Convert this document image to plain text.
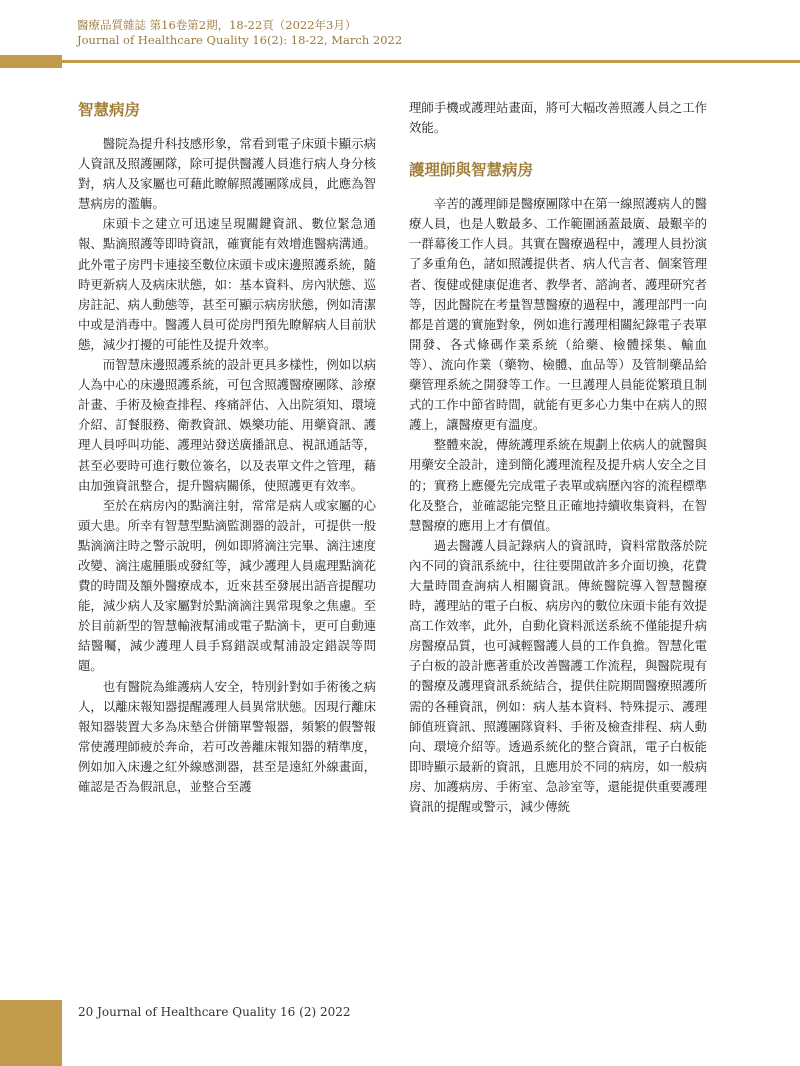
醫療品質雜誌 第16卷第2期，18-22頁（2022年3月）
Journal of Healthcare Quality 16(2): 18-22, March 2022
智慧病房

醫院為提升科技感形象，常看到電子床頭卡顯示病人資訊及照護團隊，除可提供醫護人員進行病人身分核對，病人及家屬也可藉此瞭解照護團隊成員，此應為智慧病房的濫觴。

床頭卡之建立可迅速呈現關鍵資訊、數位緊急通報、點滴照護等即時資訊，確實能有效增進醫病溝通。此外電子房門卡連接至數位床頭卡或床邊照護系統，隨時更新病人及病床狀態，如：基本資料、房內狀態、巡房註記、病人動態等，甚至可顯示病房狀態，例如清潔中或是消毒中。醫護人員可從房門預先瞭解病人目前狀態，減少打擾的可能性及提升效率。

而智慧床邊照護系統的設計更具多樣性，例如以病人為中心的床邊照護系統，可包含照護醫療團隊、診療計畫、手術及檢查排程、疼痛評估、入出院須知、環境介紹、訂餐服務、衛教資訊、娛樂功能、用藥資訊、護理人員呼叫功能、護理站發送廣播訊息、視訊通話等，甚至必要時可進行數位簽名，以及表單文件之管理，藉由加強資訊整合，提升醫病關係，使照護更有效率。

至於在病房內的點滴注射，常常是病人或家屬的心頭大患。所幸有智慧型點滴監測器的設計，可提供一般點滴滴注時之警示說明，例如即將滴注完畢、滴注速度改變、滴注處腫脹或發紅等，減少護理人員處理點滴花費的時間及額外醫療成本，近來甚至發展出語音提醒功能，減少病人及家屬對於點滴滴注異常現象之焦慮。至於目前新型的智慧輸液幫浦或電子點滴卡，更可自動連結醫囑，減少護理人員手寫錯誤或幫浦設定錯誤等問題。

也有醫院為維護病人安全，特別針對如手術後之病人，以離床報知器提醒護理人員異常狀態。因現行離床報知器裝置大多為床墊合併簡單警報器，頻繁的假警報常使護理師疲於奔命，若可改善離床報知器的精準度，例如加入床邊之紅外線感測器，甚至是遠紅外線畫面，確認是否為假訊息，並整合至護

理師手機或護理站畫面，將可大幅改善照護人員之工作效能。

護理師與智慧病房

辛苦的護理師是醫療團隊中在第一線照護病人的醫療人員，也是人數最多、工作範圍涵蓋最廣、最艱辛的一群幕後工作人員。其實在醫療過程中，護理人員扮演了多重角色，諸如照護提供者、病人代言者、個案管理者、復健或健康促進者、教學者、諮詢者、護理研究者等，因此醫院在考量智慧醫療的過程中，護理部門一向都是首選的實施對象，例如進行護理相關紀錄電子表單開發、各式條碼作業系統（給藥、檢體採集、輸血等）、流向作業（藥物、檢體、血品等）及管制藥品給藥管理系統之開發等工作。一旦護理人員能從繁瑣且制式的工作中節省時間，就能有更多心力集中在病人的照護上，讓醫療更有溫度。

整體來說，傳統護理系統在規劃上依病人的就醫與用藥安全設計，達到簡化護理流程及提升病人安全之目的；實務上應優先完成電子表單或病歷內容的流程標準化及整合，並確認能完整且正確地持續收集資料，在智慧醫療的應用上才有價值。

過去醫護人員記錄病人的資訊時，資料常散落於院內不同的資訊系統中，往往要開啟許多介面切換，花費大量時間查詢病人相關資訊。傳統醫院導入智慧醫療時，護理站的電子白板、病房內的數位床頭卡能有效提高工作效率，此外，自動化資料派送系統不僅能提升病房醫療品質，也可減輕醫護人員的工作負擔。智慧化電子白板的設計應著重於改善醫護工作流程，與醫院現有的醫療及護理資訊系統結合，提供住院期間醫療照護所需的各種資訊，例如：病人基本資料、特殊提示、護理師值班資訊、照護團隊資料、手術及檢查排程、病人動向、環境介紹等。透過系統化的整合資訊，電子白板能即時顯示最新的資訊，且應用於不同的病房，如一般病房、加護病房、手術室、急診室等，還能提供重要護理資訊的提醒或警示，減少傳統

20 Journal of Healthcare Quality 16 (2) 2022
